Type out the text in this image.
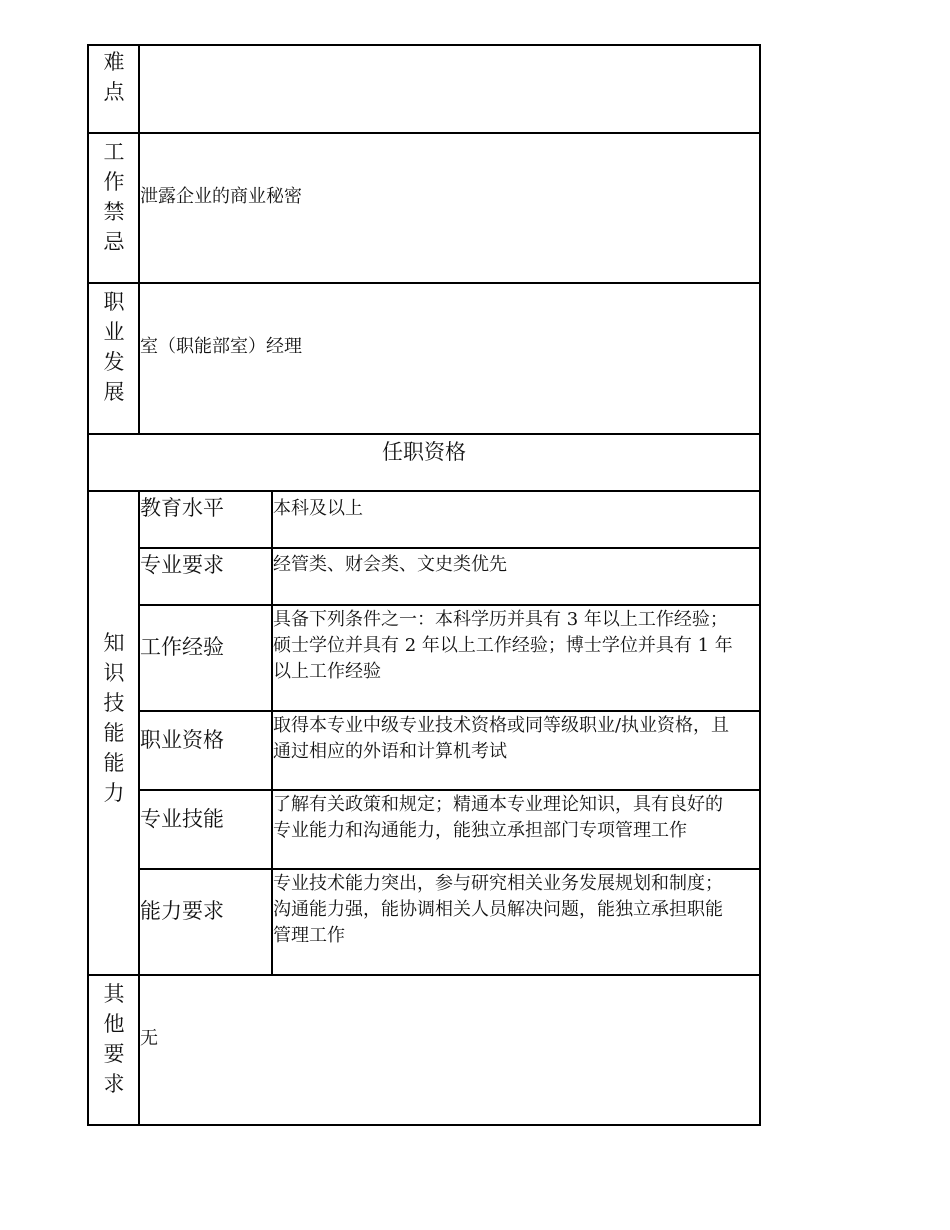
难
点
工
作
禁
忌
泄露企业的商业秘密
职
业
发
展
室（职能部室）经理
任职资格
知
识
技
能
能
力
教育水平	本科及以上
专业要求	经管类、财会类、文史类优先
工作经验
具备下列条件之一：本科学历并具有 3 年以上工作经验；
硕士学位并具有 2 年以上工作经验；博士学位并具有 1 年
以上工作经验
职业资格
取得本专业中级专业技术资格或同等级职业/执业资格，且
通过相应的外语和计算机考试
专业技能
了解有关政策和规定；精通本专业理论知识，具有良好的
专业能力和沟通能力，能独立承担部门专项管理工作
能力要求
专业技术能力突出，参与研究相关业务发展规划和制度；
沟通能力强，能协调相关人员解决问题，能独立承担职能
管理工作
其
他
要
求
无
